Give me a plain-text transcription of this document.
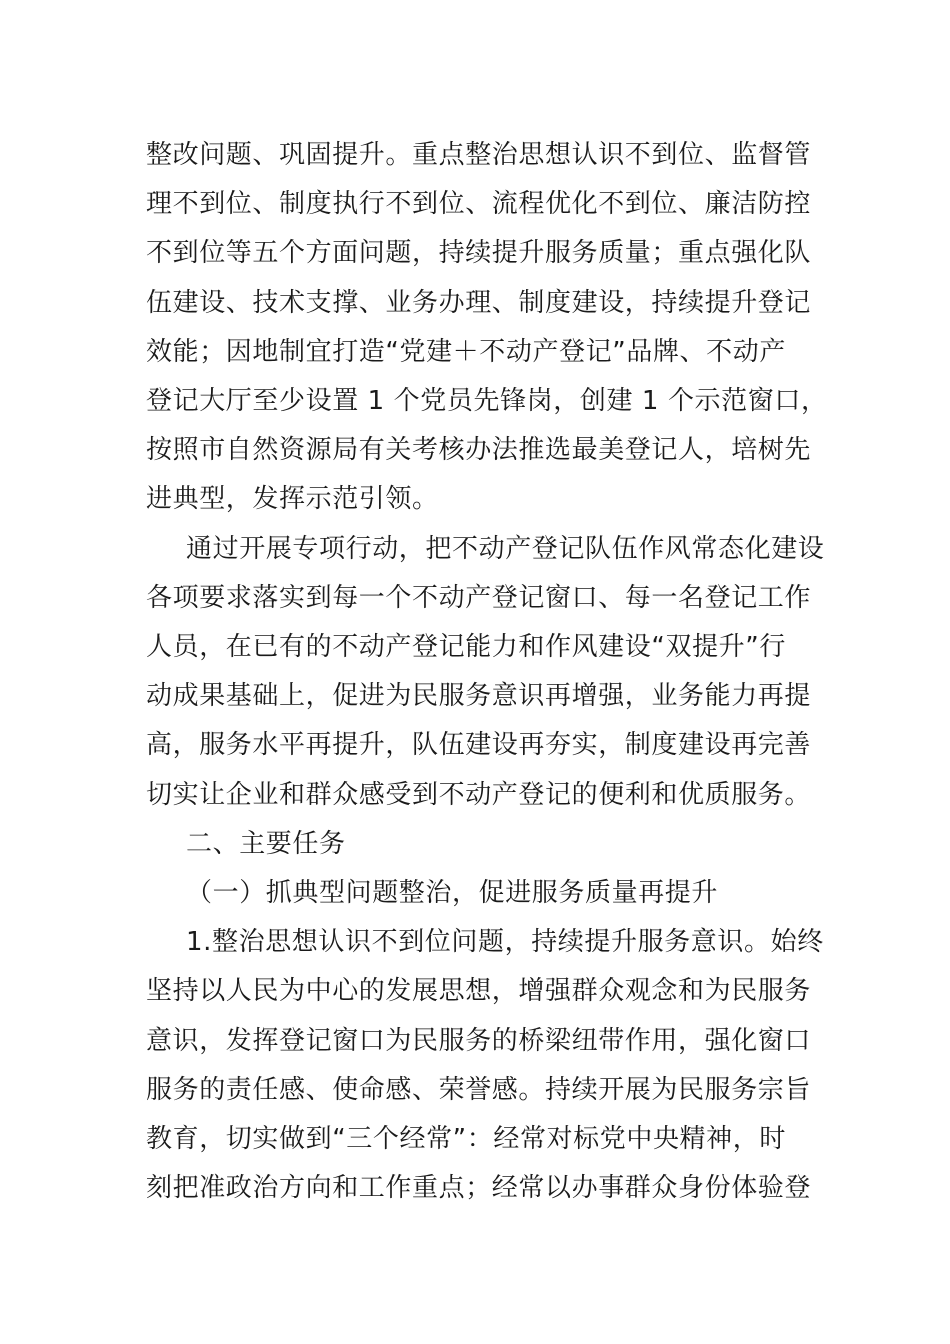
整改问题、巩固提升。重点整治思想认识不到位、监督管
理不到位、制度执行不到位、流程优化不到位、廉洁防控
不到位等五个方面问题，持续提升服务质量；重点强化队
伍建设、技术支撑、业务办理、制度建设，持续提升登记
效能；因地制宜打造“党建＋不动产登记”品牌、不动产
登记大厅至少设置 1 个党员先锋岗，创建 1 个示范窗口，
按照市自然资源局有关考核办法推选最美登记人，培树先
进典型，发挥示范引领。

通过开展专项行动，把不动产登记队伍作风常态化建设
各项要求落实到每一个不动产登记窗口、每一名登记工作
人员，在已有的不动产登记能力和作风建设“双提升”行
动成果基础上，促进为民服务意识再增强，业务能力再提
高，服务水平再提升，队伍建设再夯实，制度建设再完善
切实让企业和群众感受到不动产登记的便利和优质服务。

二、主要任务

（一）抓典型问题整治，促进服务质量再提升

1.整治思想认识不到位问题，持续提升服务意识。始终
坚持以人民为中心的发展思想，增强群众观念和为民服务
意识，发挥登记窗口为民服务的桥梁纽带作用，强化窗口
服务的责任感、使命感、荣誉感。持续开展为民服务宗旨
教育，切实做到“三个经常”：经常对标党中央精神，时
刻把准政治方向和工作重点；经常以办事群众身份体验登
